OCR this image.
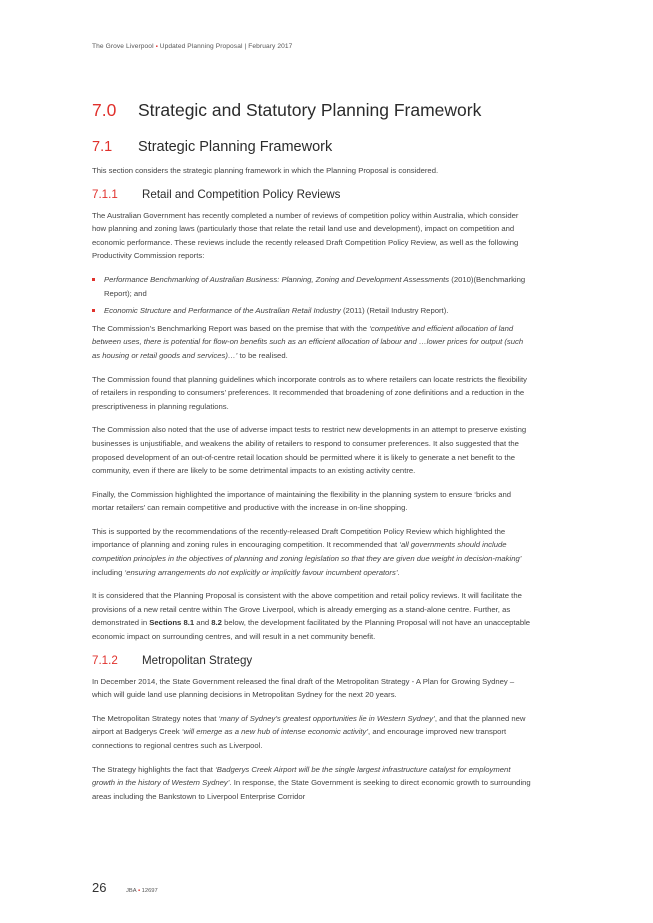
The Grove Liverpool ▪ Updated Planning Proposal | February 2017
7.0	Strategic and Statutory Planning Framework
7.1	Strategic Planning Framework

This section considers the strategic planning framework in which the Planning Proposal is considered.

7.1.1	Retail and Competition Policy Reviews

The Australian Government has recently completed a number of reviews of competition policy within Australia, which consider how planning and zoning laws (particularly those that relate the retail land use and development), impact on competition and economic performance. These reviews include the recently released Draft Competition Policy Review, as well as the following Productivity Commission reports:

Performance Benchmarking of Australian Business: Planning, Zoning and Development Assessments (2010)(Benchmarking Report); and
Economic Structure and Performance of the Australian Retail Industry (2011) (Retail Industry Report).

The Commission’s Benchmarking Report was based on the premise that with the ‘competitive and efficient allocation of land between uses, there is potential for flow-on benefits such as an efficient allocation of labour and …lower prices for output (such as housing or retail goods and services)…’ to be realised.

The Commission found that planning guidelines which incorporate controls as to where retailers can locate restricts the flexibility of retailers in responding to consumers’ preferences. It recommended that broadening of zone definitions and a reduction in the prescriptiveness in planning regulations.

The Commission also noted that the use of adverse impact tests to restrict new developments in an attempt to preserve existing businesses is unjustifiable, and weakens the ability of retailers to respond to consumer preferences. It also suggested that the proposed development of an out-of-centre retail location should be permitted where it is likely to generate a net benefit to the community, even if there are likely to be some detrimental impacts to an existing activity centre.

Finally, the Commission highlighted the importance of maintaining the flexibility in the planning system to ensure ‘bricks and mortar retailers’ can remain competitive and productive with the increase in on-line shopping.

This is supported by the recommendations of the recently-released Draft Competition Policy Review which highlighted the importance of planning and zoning rules in encouraging competition. It recommended that ‘all governments should include competition principles in the objectives of planning and zoning legislation so that they are given due weight in decision-making’ including ‘ensuring arrangements do not explicitly or implicitly favour incumbent operators’.

It is considered that the Planning Proposal is consistent with the above competition and retail policy reviews. It will facilitate the provisions of a new retail centre within The Grove Liverpool, which is already emerging as a stand-alone centre. Further, as demonstrated in Sections 8.1 and 8.2 below, the development facilitated by the Planning Proposal will not have an unacceptable economic impact on surrounding centres, and will result in a net community benefit.

7.1.2	Metropolitan Strategy

In December 2014, the State Government released the final draft of the Metropolitan Strategy - A Plan for Growing Sydney – which will guide land use planning decisions in Metropolitan Sydney for the next 20 years.

The Metropolitan Strategy notes that ‘many of Sydney’s greatest opportunities lie in Western Sydney’, and that the planned new airport at Badgerys Creek ‘will emerge as a new hub of intense economic activity’, and encourage improved new transport connections to regional centres such as Liverpool.

The Strategy highlights the fact that ‘Badgerys Creek Airport will be the single largest infrastructure catalyst for employment growth in the history of Western Sydney’. In response, the State Government is seeking to direct economic growth to surrounding areas including the Bankstown to Liverpool Enterprise Corridor

26	JBA ▪ 12697
